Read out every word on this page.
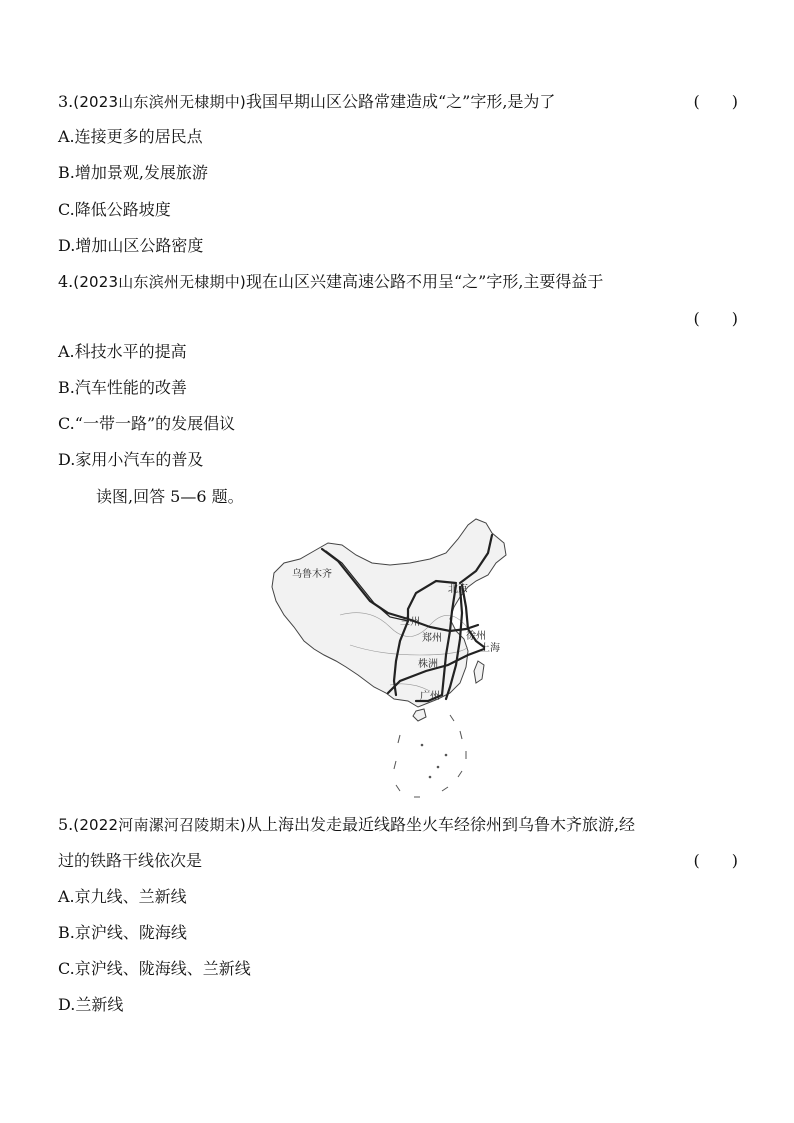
3.(2023山东滨州无棣期中)我国早期山区公路常建造成“之”字形,是为了	(　　)
A.连接更多的居民点
B.增加景观,发展旅游
C.降低公路坡度
D.增加山区公路密度
4.(2023山东滨州无棣期中)现在山区兴建高速公路不用呈“之”字形,主要得益于
(　　)
A.科技水平的提高
B.汽车性能的改善
C.“一带一路”的发展倡议
D.家用小汽车的普及
读图,回答 5—6 题。
乌鲁木齐
北京
兰州
郑州 徐州
上海
株洲
广州
5.(2022河南漯河召陵期末)从上海出发走最近线路坐火车经徐州到乌鲁木齐旅游,经
过的铁路干线依次是	(　　)
A.京九线、兰新线
B.京沪线、陇海线
C.京沪线、陇海线、兰新线
D.兰新线
